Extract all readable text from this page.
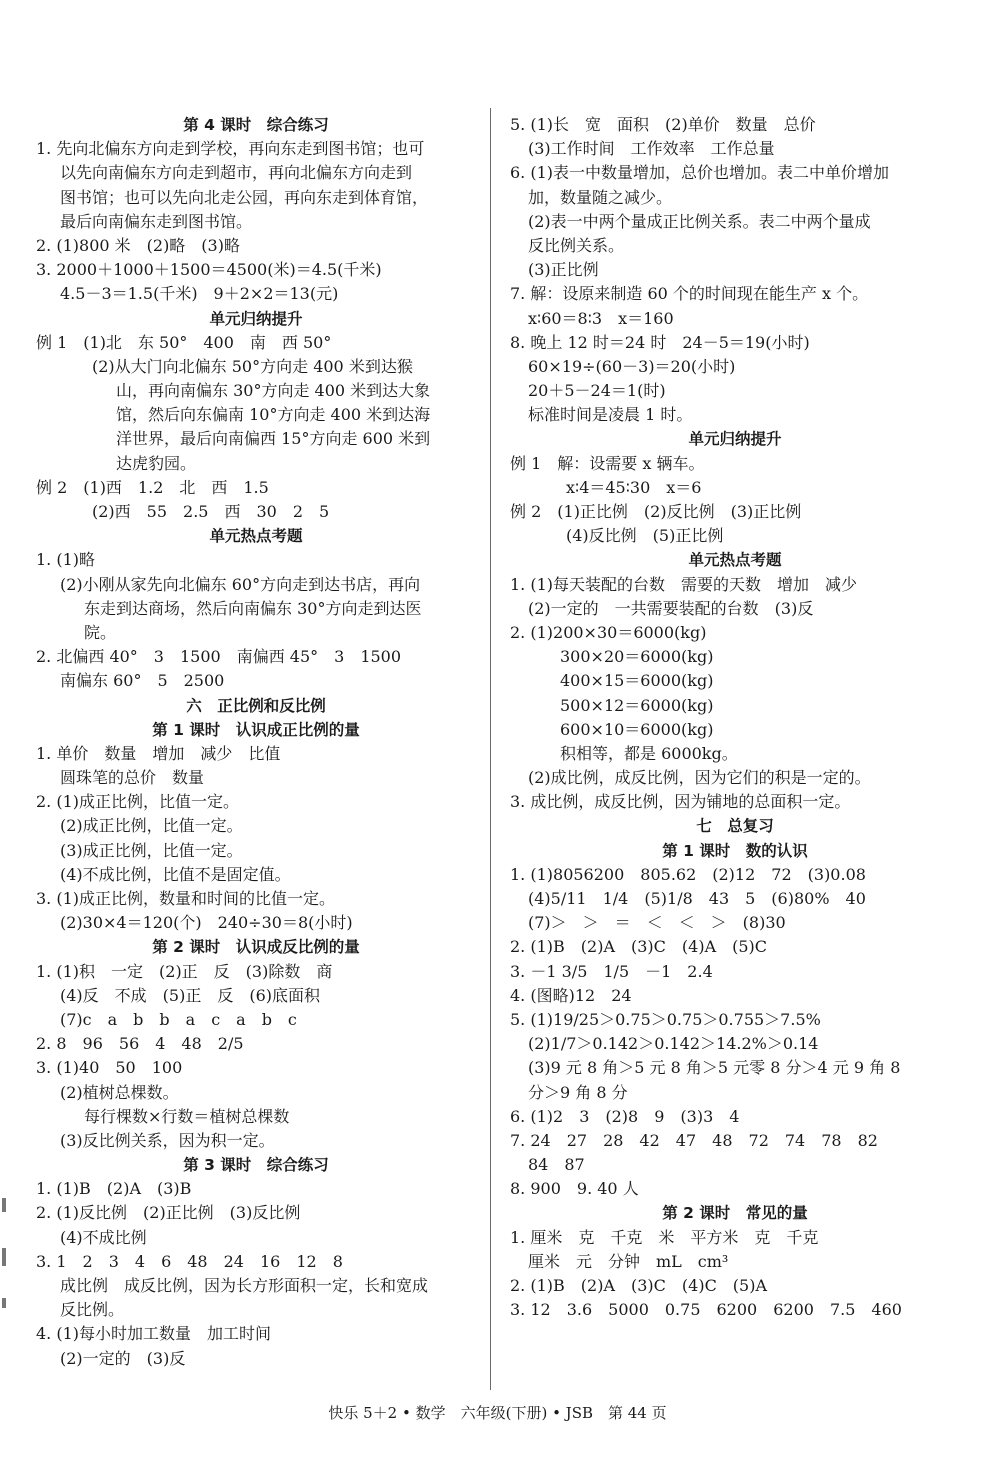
第 4 课时　综合练习
1. 先向北偏东方向走到学校，再向东走到图书馆；也可
以先向南偏东方向走到超市，再向北偏东方向走到
图书馆；也可以先向北走公园，再向东走到体育馆，
最后向南偏东走到图书馆。
2. (1)800 米　(2)略　(3)略
3. 2000＋1000＋1500＝4500(米)＝4.5(千米)
4.5－3＝1.5(千米)　9＋2×2＝13(元)
单元归纳提升
例 1　(1)北　东 50°　400　南　西 50°
(2)从大门向北偏东 50°方向走 400 米到达猴
山，再向南偏东 30°方向走 400 米到达大象
馆，然后向东偏南 10°方向走 400 米到达海
洋世界，最后向南偏西 15°方向走 600 米到
达虎豹园。
例 2　(1)西　1.2　北　西　1.5
(2)西　55　2.5　西　30　2　5
单元热点考题
1. (1)略
(2)小刚从家先向北偏东 60°方向走到达书店，再向
东走到达商场，然后向南偏东 30°方向走到达医
院。
2. 北偏西 40°　3　1500　南偏西 45°　3　1500
南偏东 60°　5　2500
六　正比例和反比例
第 1 课时　认识成正比例的量
1. 单价　数量　增加　减少　比值
圆珠笔的总价　数量
2. (1)成正比例，比值一定。
(2)成正比例，比值一定。
(3)成正比例，比值一定。
(4)不成比例，比值不是固定值。
3. (1)成正比例，数量和时间的比值一定。
(2)30×4＝120(个)　240÷30＝8(小时)
第 2 课时　认识成反比例的量
1. (1)积　一定　(2)正　反　(3)除数　商
(4)反　不成　(5)正　反　(6)底面积
(7)c　a　b　b　a　c　a　b　c
2. 8　96　56　4　48　2/5
3. (1)40　50　100
(2)植树总棵数。
每行棵数×行数＝植树总棵数
(3)反比例关系，因为积一定。
第 3 课时　综合练习
1. (1)B　(2)A　(3)B
2. (1)反比例　(2)正比例　(3)反比例
(4)不成比例
3. 1　2　3　4　6　48　24　16　12　8
成比例　成反比例，因为长方形面积一定，长和宽成
反比例。
4. (1)每小时加工数量　加工时间
(2)一定的　(3)反
5. (1)长　宽　面积　(2)单价　数量　总价
(3)工作时间　工作效率　工作总量
6. (1)表一中数量增加，总价也增加。表二中单价增加
加，数量随之减少。
(2)表一中两个量成正比例关系。表二中两个量成
反比例关系。
(3)正比例
7. 解：设原来制造 60 个的时间现在能生产 x 个。
x∶60＝8∶3　x＝160
8. 晚上 12 时＝24 时　24－5＝19(小时)
60×19÷(60－3)＝20(小时)
20＋5－24＝1(时)
标准时间是凌晨 1 时。
单元归纳提升
例 1　解：设需要 x 辆车。
x∶4＝45∶30　x＝6
例 2　(1)正比例　(2)反比例　(3)正比例
(4)反比例　(5)正比例
单元热点考题
1. (1)每天装配的台数　需要的天数　增加　减少
(2)一定的　一共需要装配的台数　(3)反
2. (1)200×30＝6000(kg)
300×20＝6000(kg)
400×15＝6000(kg)
500×12＝6000(kg)
600×10＝6000(kg)
积相等，都是 6000kg。
(2)成比例，成反比例，因为它们的积是一定的。
3. 成比例，成反比例，因为铺地的总面积一定。
七　总复习
第 1 课时　数的认识
1. (1)8056200　805.62　(2)12　72　(3)0.08
(4)5/11　1/4　(5)1/8　43　5　(6)80%　40
(7)＞　＞　＝　＜　＜　＞　(8)30
2. (1)B　(2)A　(3)C　(4)A　(5)C
3. －1 3/5　1/5　－1　2.4
4. (图略)12　24
5. (1)19/25＞0.75＞0.75＞0.755＞7.5%
(2)1/7＞0.142＞0.142＞14.2%＞0.14
(3)9 元 8 角＞5 元 8 角＞5 元零 8 分＞4 元 9 角 8
分＞9 角 8 分
6. (1)2　3　(2)8　9　(3)3　4
7. 24　27　28　42　47　48　72　74　78　82
84　87
8. 900　9. 40 人
第 2 课时　常见的量
1. 厘米　克　千克　米　平方米　克　千克
厘米　元　分钟　mL　cm³
2. (1)B　(2)A　(3)C　(4)C　(5)A
3. 12　3.6　5000　0.75　6200　6200　7.5　460
快乐 5＋2 • 数学　六年级(下册) • JSB　第 44 页
